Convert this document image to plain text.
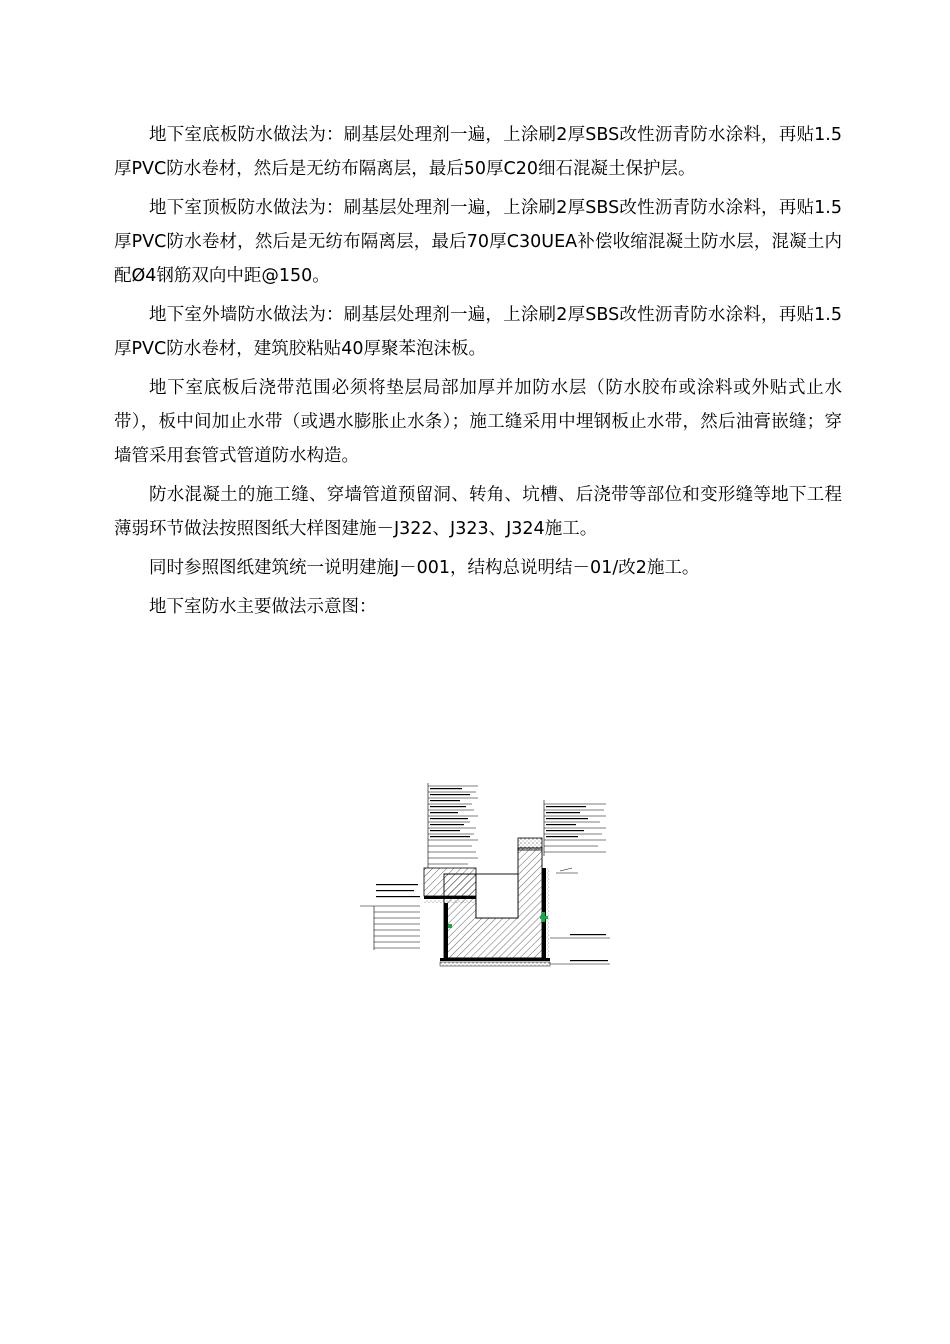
地下室底板防水做法为：刷基层处理剂一遍，上涂刷2厚SBS改性沥青防水涂料，再贴1.5厚PVC防水卷材，然后是无纺布隔离层，最后50厚C20细石混凝土保护层。

地下室顶板防水做法为：刷基层处理剂一遍，上涂刷2厚SBS改性沥青防水涂料，再贴1.5厚PVC防水卷材，然后是无纺布隔离层，最后70厚C30UEA补偿收缩混凝土防水层，混凝土内配Ø4钢筋双向中距@150。

地下室外墙防水做法为：刷基层处理剂一遍，上涂刷2厚SBS改性沥青防水涂料，再贴1.5厚PVC防水卷材，建筑胶粘贴40厚聚苯泡沫板。

地下室底板后浇带范围必须将垫层局部加厚并加防水层（防水胶布或涂料或外贴式止水带），板中间加止水带（或遇水膨胀止水条）；施工缝采用中埋钢板止水带，然后油膏嵌缝；穿墙管采用套管式管道防水构造。

防水混凝土的施工缝、穿墙管道预留洞、转角、坑槽、后浇带等部位和变形缝等地下工程薄弱环节做法按照图纸大样图建施－J322、J323、J324施工。

同时参照图纸建筑统一说明建施J－001，结构总说明结－01/改2施工。

地下室防水主要做法示意图：
